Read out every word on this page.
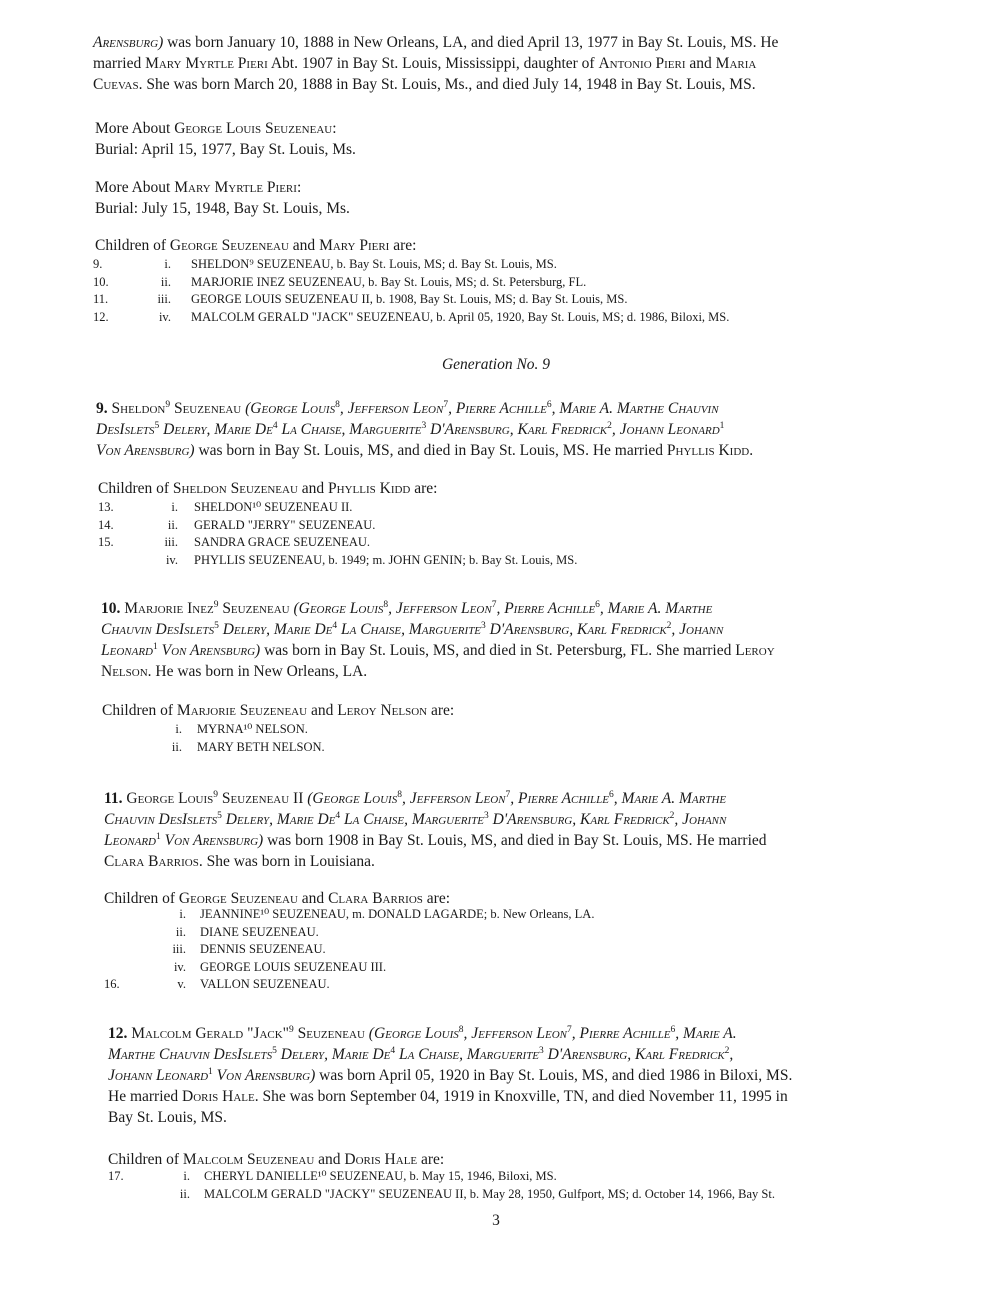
Arensburg) was born January 10, 1888 in New Orleans, LA, and died April 13, 1977 in Bay St. Louis, MS. He

married Mary Myrtle Pieri Abt. 1907 in Bay St. Louis, Mississippi, daughter of Antonio Pieri and Maria

Cuevas. She was born March 20, 1888 in Bay St. Louis, Ms., and died July 14, 1948 in Bay St. Louis, MS.

More About George Louis Seuzeneau:

Burial: April 15, 1977, Bay St. Louis, Ms.

More About Mary Myrtle Pieri:

Burial: July 15, 1948, Bay St. Louis, Ms.

Children of George Seuzeneau and Mary Pieri are:

9.	i. SHELDON⁹ SEUZENEAU, b. Bay St. Louis, MS; d. Bay St. Louis, MS.
10.	ii. MARJORIE INEZ SEUZENEAU, b. Bay St. Louis, MS; d. St. Petersburg, FL.
11.	iii. GEORGE LOUIS SEUZENEAU II, b. 1908, Bay St. Louis, MS; d. Bay St. Louis, MS.
12.	iv. MALCOLM GERALD "JACK" SEUZENEAU, b. April 05, 1920, Bay St. Louis, MS; d. 1986, Biloxi, MS.
Generation No. 9

9. Sheldon$^9$ Seuzeneau (George Louis$^8$, Jefferson Leon$^7$, Pierre Achille$^6$, Marie A. Marthe Chauvin

DesIslets$^5$ Delery, Marie De$^4$ La Chaise, Marguerite$^3$ D'Arensburg, Karl Fredrick$^2$, Johann Leonard$^1$

Von Arensburg) was born in Bay St. Louis, MS, and died in Bay St. Louis, MS. He married Phyllis Kidd.

Children of Sheldon Seuzeneau and Phyllis Kidd are:

13.	i. SHELDON¹⁰ SEUZENEAU II.
14.	ii. GERALD "JERRY" SEUZENEAU.
15.	iii. SANDRA GRACE SEUZENEAU.
iv. PHYLLIS SEUZENEAU, b. 1949; m. JOHN GENIN; b. Bay St. Louis, MS.

10. Marjorie Inez$^9$ Seuzeneau (George Louis$^8$, Jefferson Leon$^7$, Pierre Achille$^6$, Marie A. Marthe

Chauvin DesIslets$^5$ Delery, Marie De$^4$ La Chaise, Marguerite$^3$ D'Arensburg, Karl Fredrick$^2$, Johann

Leonard$^1$ Von Arensburg) was born in Bay St. Louis, MS, and died in St. Petersburg, FL. She married Leroy

Nelson. He was born in New Orleans, LA.

Children of Marjorie Seuzeneau and Leroy Nelson are:

i. MYRNA¹⁰ NELSON.
ii. MARY BETH NELSON.

11. George Louis$^9$ Seuzeneau II (George Louis$^8$, Jefferson Leon$^7$, Pierre Achille$^6$, Marie A. Marthe

Chauvin DesIslets$^5$ Delery, Marie De$^4$ La Chaise, Marguerite$^3$ D'Arensburg, Karl Fredrick$^2$, Johann

Leonard$^1$ Von Arensburg) was born 1908 in Bay St. Louis, MS, and died in Bay St. Louis, MS. He married

Clara Barrios. She was born in Louisiana.

Children of George Seuzeneau and Clara Barrios are:

i. JEANNINE¹⁰ SEUZENEAU, m. DONALD LAGARDE; b. New Orleans, LA.
ii. DIANE SEUZENEAU.
iii. DENNIS SEUZENEAU.
iv. GEORGE LOUIS SEUZENEAU III.
16.	v. VALLON SEUZENEAU.

12. Malcolm Gerald "Jack"$^9$ Seuzeneau (George Louis$^8$, Jefferson Leon$^7$, Pierre Achille$^6$, Marie A.

Marthe Chauvin DesIslets$^5$ Delery, Marie De$^4$ La Chaise, Marguerite$^3$ D'Arensburg, Karl Fredrick$^2$,

Johann Leonard$^1$ Von Arensburg) was born April 05, 1920 in Bay St. Louis, MS, and died 1986 in Biloxi, MS.

He married Doris Hale. She was born September 04, 1919 in Knoxville, TN, and died November 11, 1995 in

Bay St. Louis, MS.

Children of Malcolm Seuzeneau and Doris Hale are:

17.	i. CHERYL DANIELLE¹⁰ SEUZENEAU, b. May 15, 1946, Biloxi, MS.
ii. MALCOLM GERALD "JACKY" SEUZENEAU II, b. May 28, 1950, Gulfport, MS; d. October 14, 1966, Bay St.
3
